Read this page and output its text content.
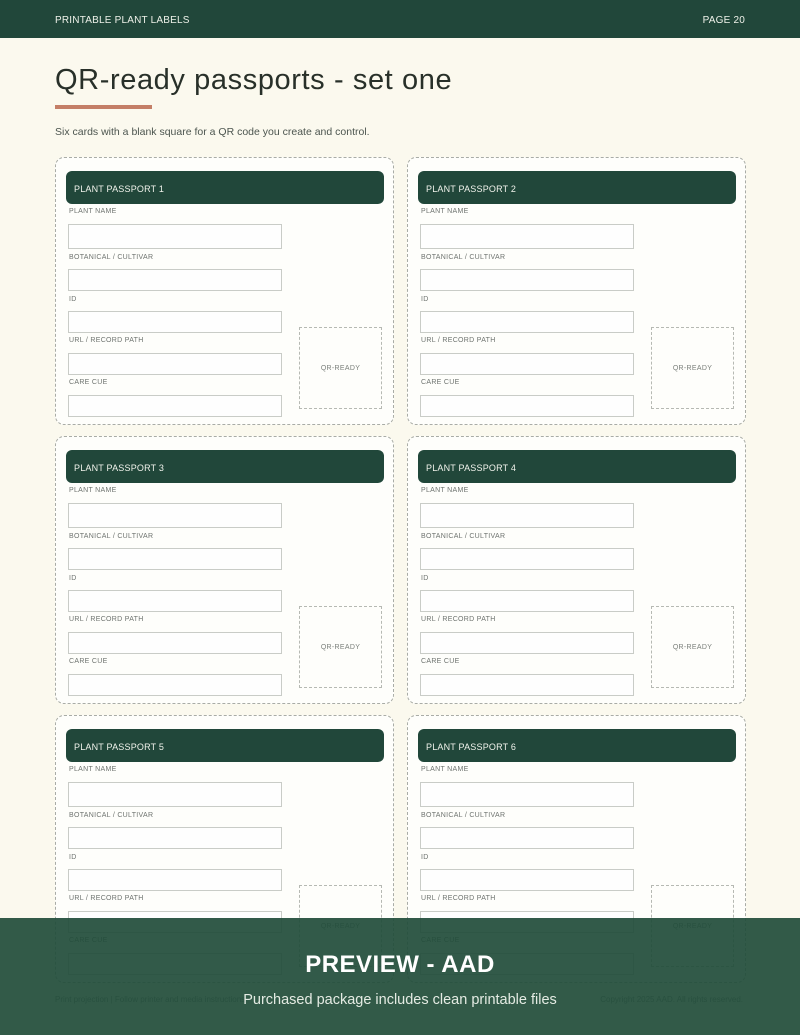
PRINTABLE PLANT LABELS	PAGE 20
QR-ready passports - set one

Six cards with a blank square for a QR code you create and control.

PLANT PASSPORT 1
PLANT NAME
BOTANICAL / CULTIVAR
ID
URL / RECORD PATH
CARE CUE
QR-READY
PLANT PASSPORT 2
PLANT NAME
BOTANICAL / CULTIVAR
ID
URL / RECORD PATH
CARE CUE
QR-READY
PLANT PASSPORT 3
PLANT NAME
BOTANICAL / CULTIVAR
ID
URL / RECORD PATH
CARE CUE
QR-READY
PLANT PASSPORT 4
PLANT NAME
BOTANICAL / CULTIVAR
ID
URL / RECORD PATH
CARE CUE
QR-READY
PLANT PASSPORT 5
PLANT NAME
BOTANICAL / CULTIVAR
ID
URL / RECORD PATH
PLANT PASSPORT 6
PLANT NAME
BOTANICAL / CULTIVAR
ID
URL / RECORD PATH
PREVIEW - AAD
Purchased package includes clean printable files
